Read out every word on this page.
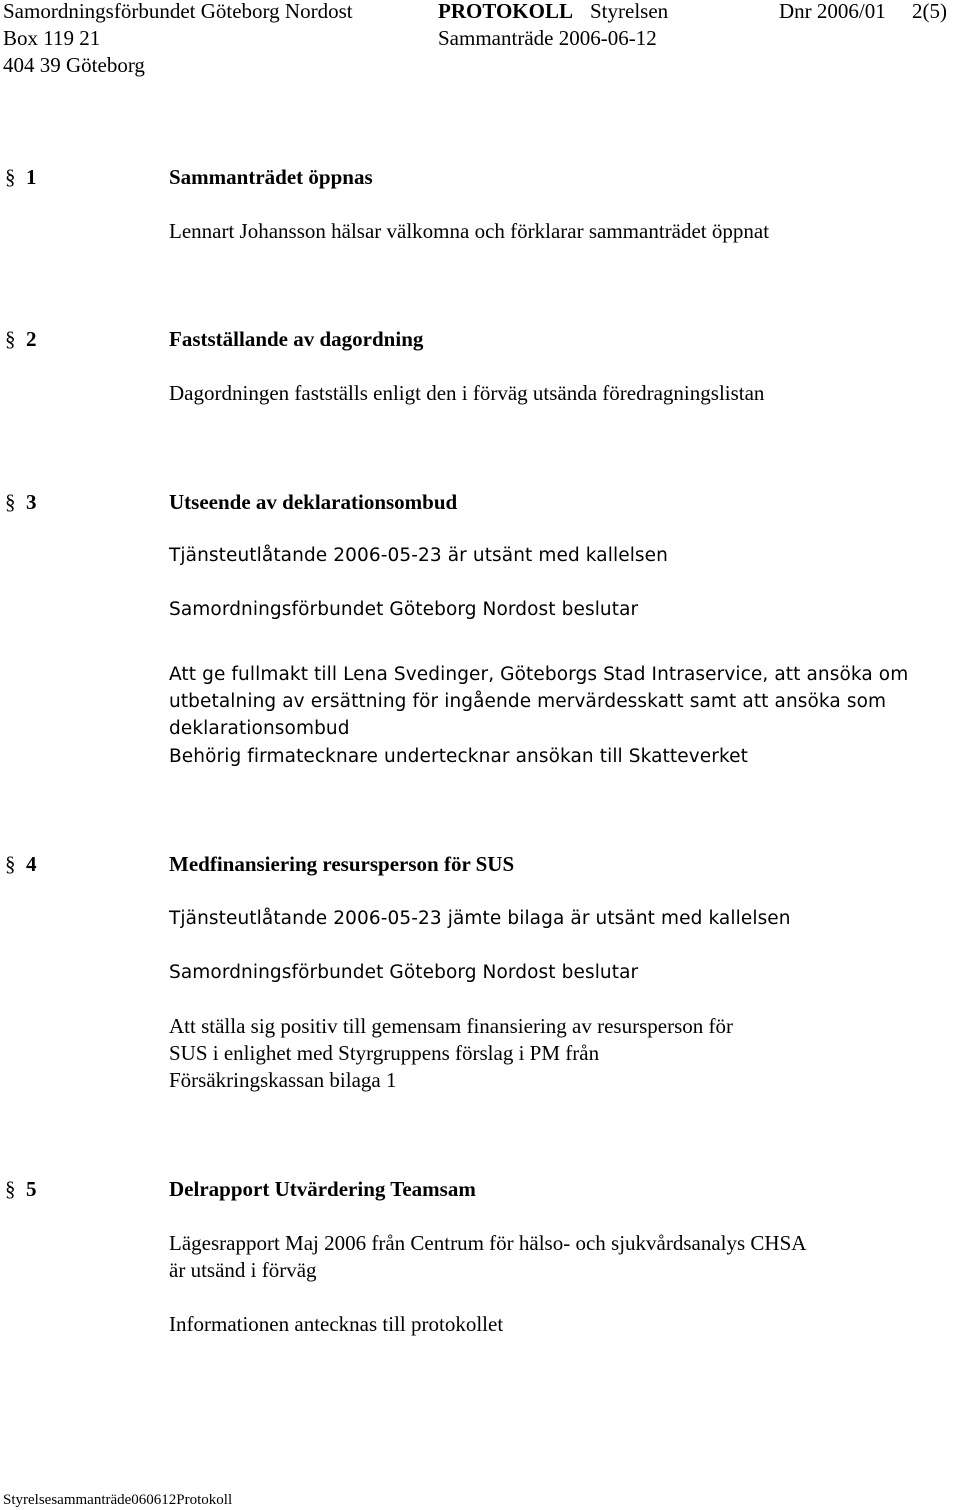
Samordningsförbundet Göteborg Nordost
Box 119 21
404 39 Göteborg
PROTOKOLL Styrelsen
Sammanträde 2006-06-12
Dnr 2006/01 2(5)
§ 1	Sammanträdet öppnas
Lennart Johansson hälsar välkomna och förklarar sammanträdet öppnat
§ 2	Fastställande av dagordning
Dagordningen fastställs enligt den i förväg utsända föredragningslistan
§ 3	Utseende av deklarationsombud
Tjänsteutlåtande 2006-05-23 är utsänt med kallelsen
Samordningsförbundet Göteborg Nordost beslutar
Att ge fullmakt till Lena Svedinger, Göteborgs Stad Intraservice, att ansöka om
utbetalning av ersättning för ingående mervärdesskatt samt att ansöka som
deklarationsombud
Behörig firmatecknare undertecknar ansökan till Skatteverket
§ 4	Medfinansiering resursperson för SUS
Tjänsteutlåtande 2006-05-23 jämte bilaga är utsänt med kallelsen
Samordningsförbundet Göteborg Nordost beslutar
Att ställa sig positiv till gemensam finansiering av resursperson för
SUS i enlighet med Styrgruppens förslag i PM från
Försäkringskassan bilaga 1
§ 5	Delrapport Utvärdering Teamsam
Lägesrapport Maj 2006 från Centrum för hälso- och sjukvårdsanalys CHSA
är utsänd i förväg
Informationen antecknas till protokollet
Styrelsesammanträde060612Protokoll
